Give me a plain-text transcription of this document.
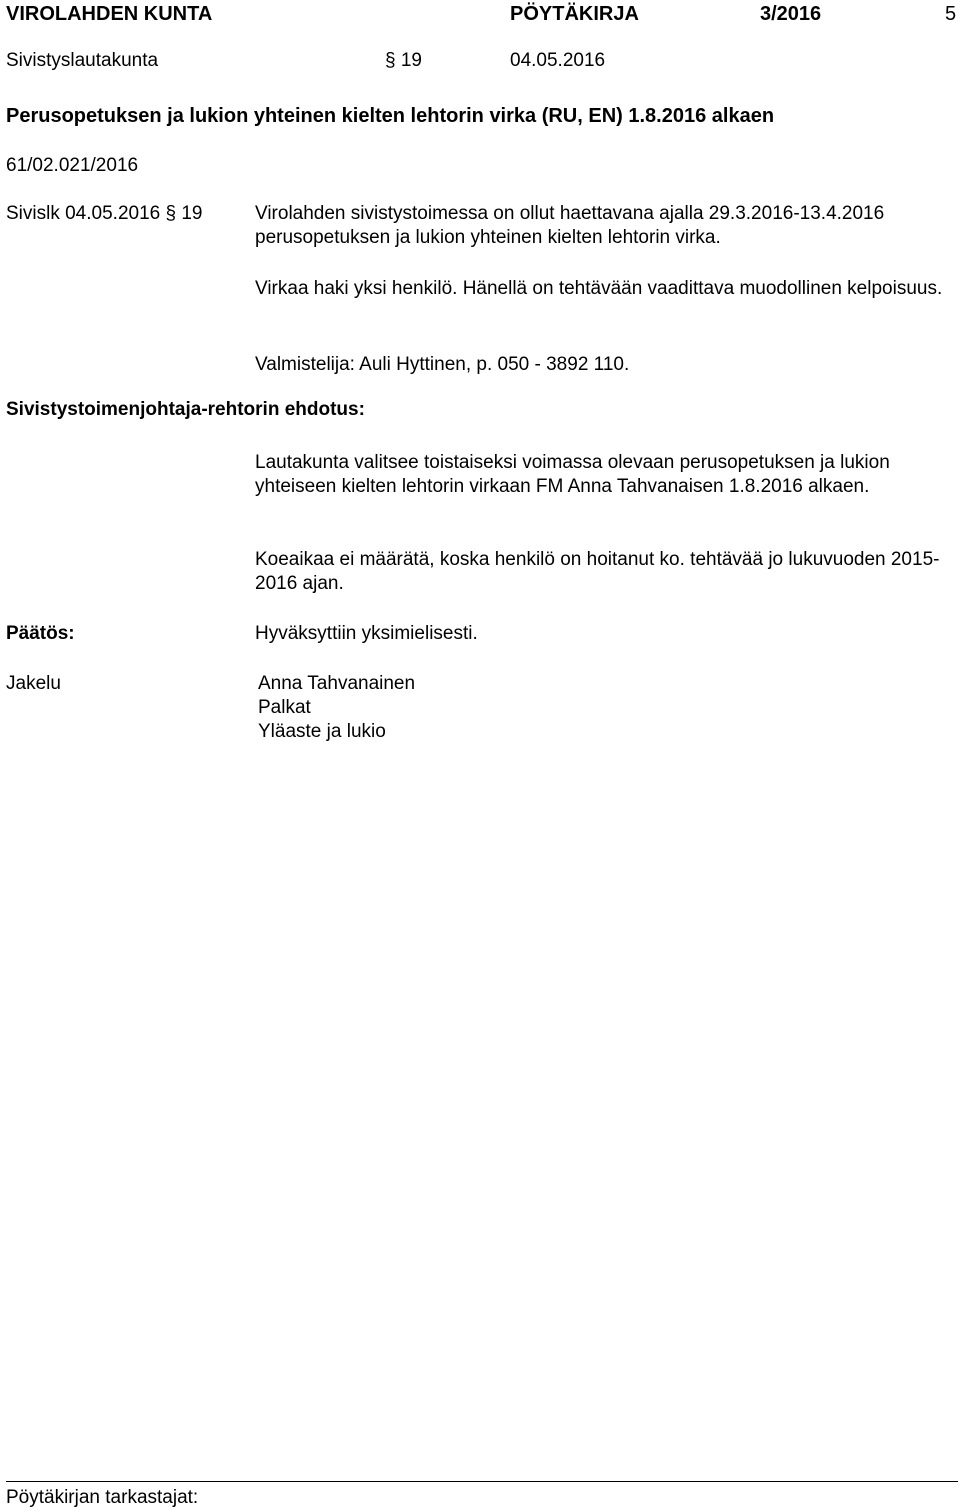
VIROLAHDEN KUNTA	PÖYTÄKIRJA	3/2016	5
Sivistyslautakunta	§ 19	04.05.2016
Perusopetuksen ja lukion yhteinen kielten lehtorin virka (RU, EN) 1.8.2016 alkaen
61/02.021/2016
Sivislk 04.05.2016 § 19	Virolahden sivistystoimessa on ollut haettavana ajalla 29.3.2016-13.4.2016 perusopetuksen ja lukion yhteinen kielten lehtorin virka.
Virkaa haki yksi henkilö. Hänellä on tehtävään vaadittava muodollinen kelpoisuus.
Valmistelija: Auli Hyttinen, p. 050 - 3892 110.
Sivistystoimenjohtaja-rehtorin ehdotus:
Lautakunta valitsee toistaiseksi voimassa olevaan perusopetuksen ja lukion yhteiseen kielten lehtorin virkaan FM Anna Tahvanaisen 1.8.2016 alkaen.
Koeaikaa ei määrätä, koska henkilö on hoitanut ko. tehtävää jo lukuvuoden 2015-2016 ajan.
Päätös:	Hyväksyttiin yksimielisesti.
Jakelu	Anna Tahvanainen
Palkat
Yläaste ja lukio
Pöytäkirjan tarkastajat:
